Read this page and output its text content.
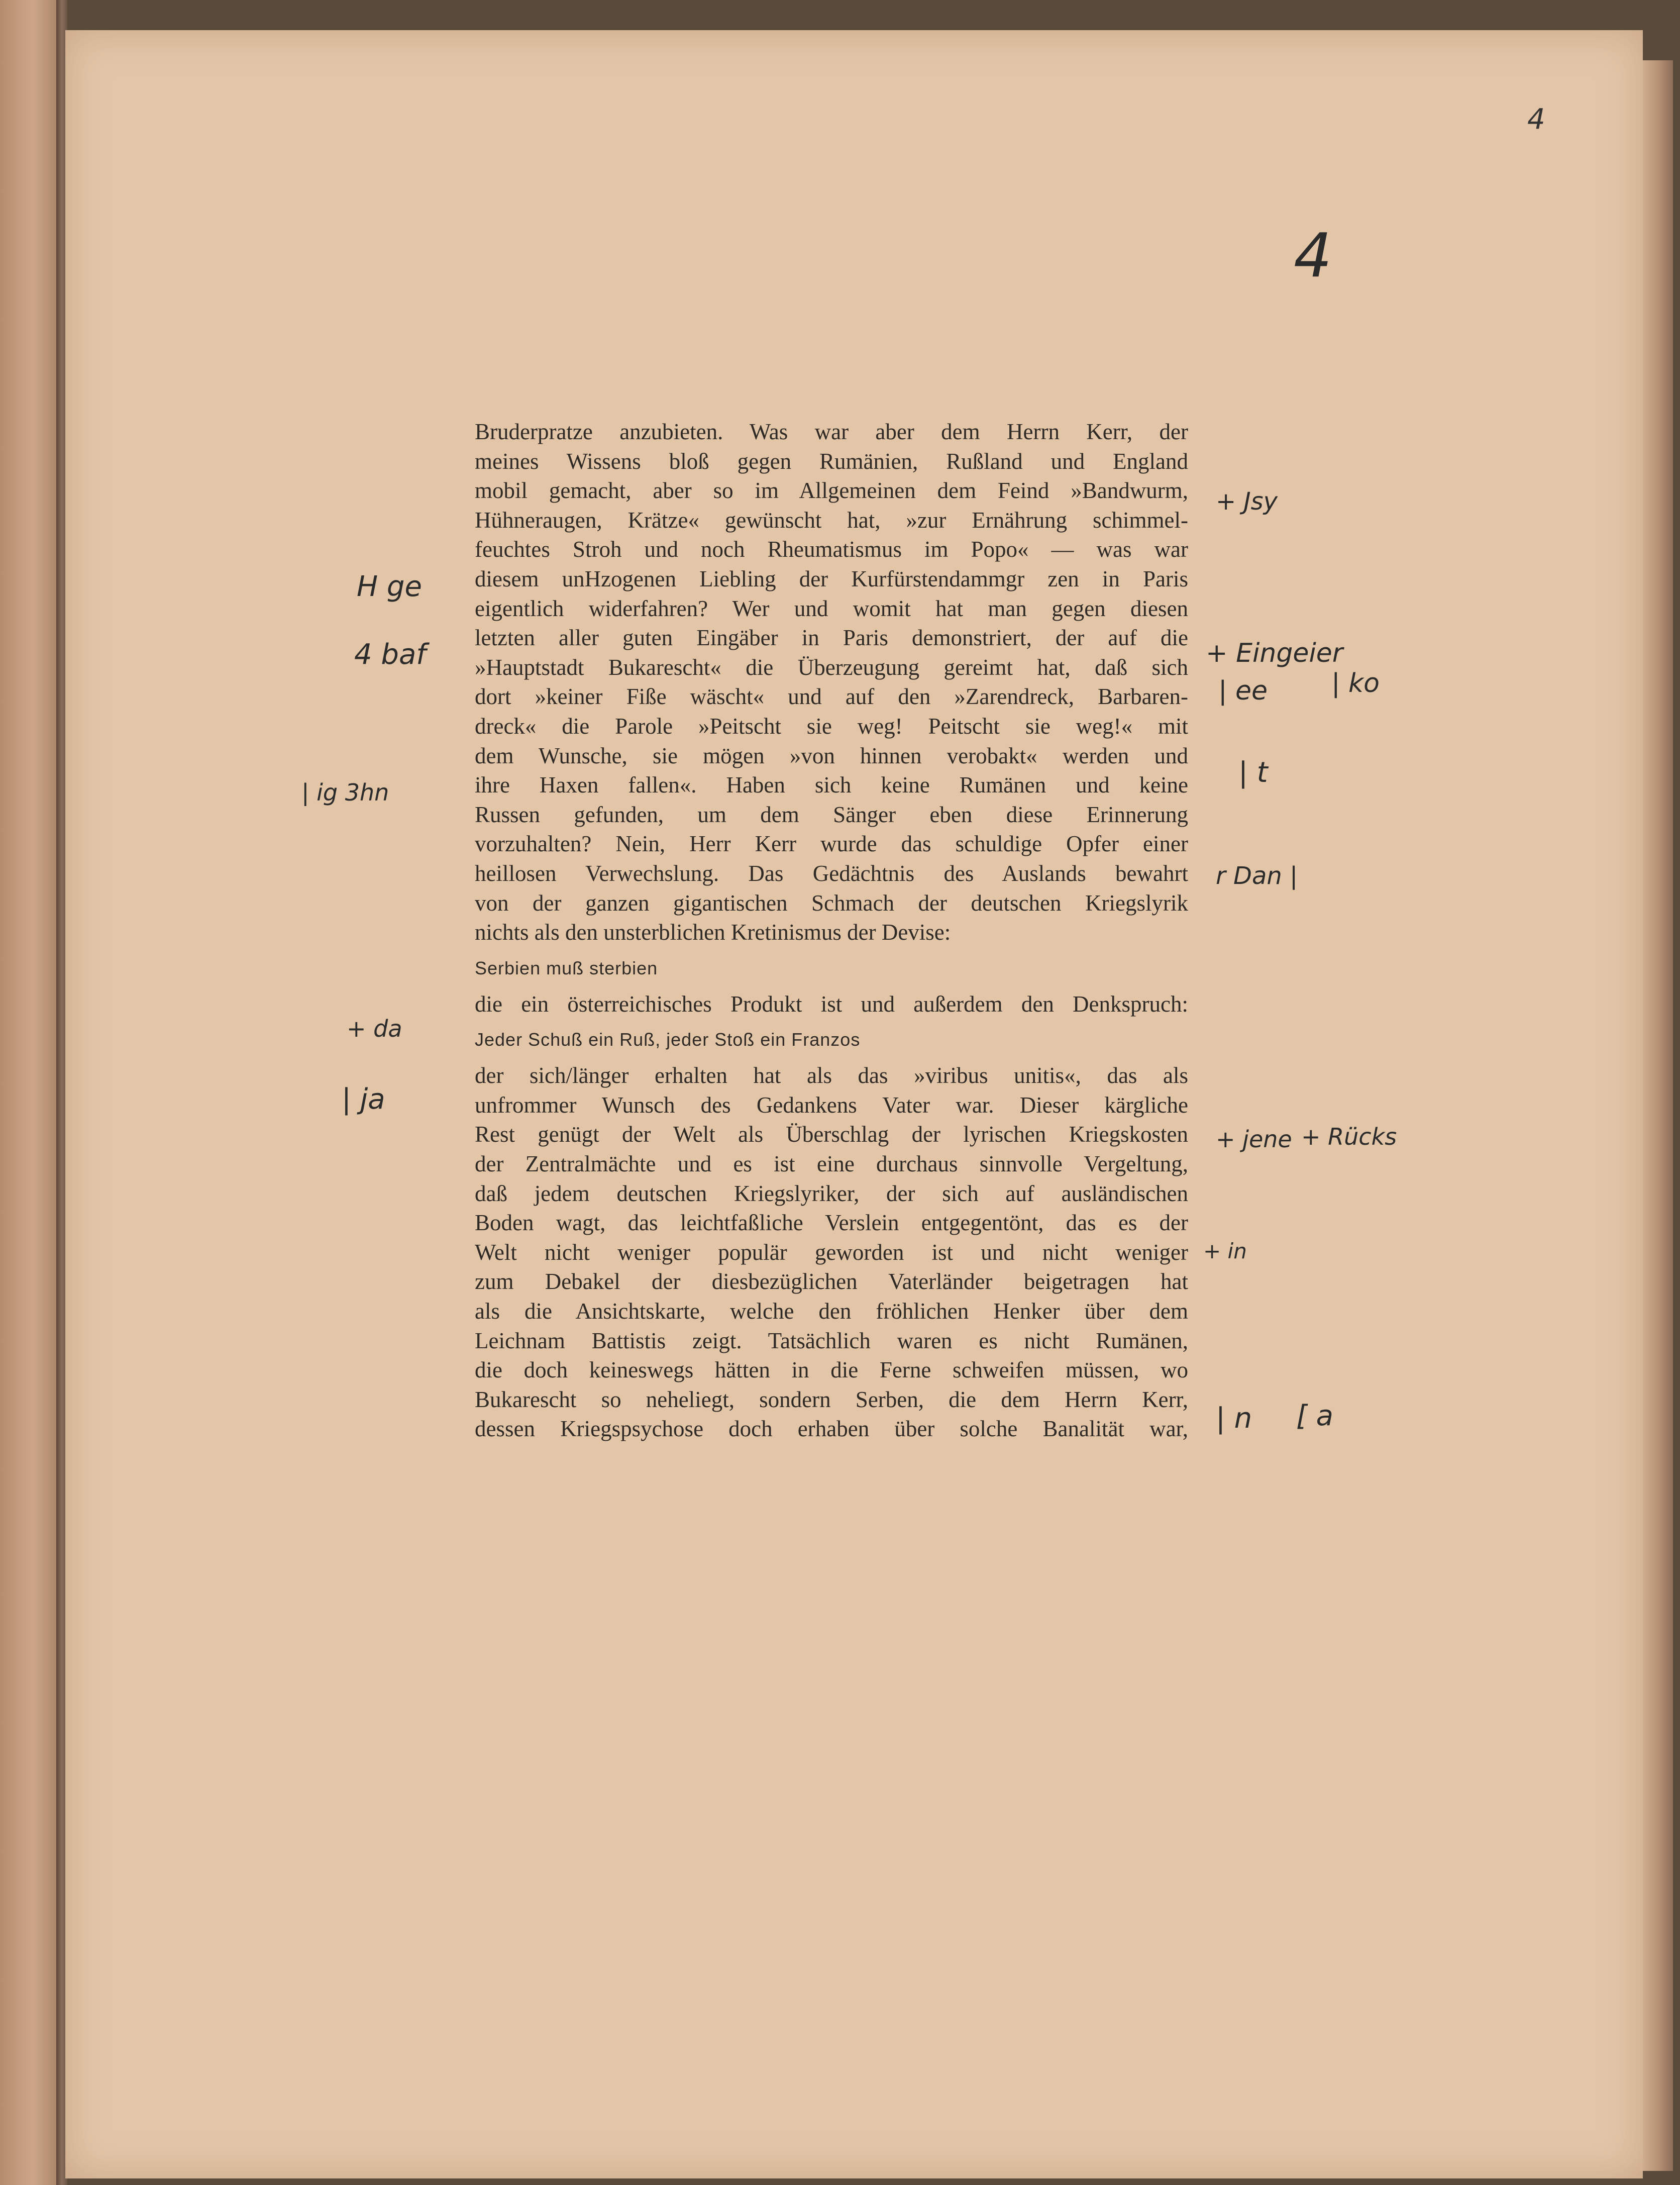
4
4
Bruderpratze anzubieten. Was war aber dem Herrn Kerr, der
meines Wissens bloß gegen Rumänien, Rußland und England
mobil gemacht, aber so im Allgemeinen dem Feind »Bandwurm,
Hühneraugen, Krätze« gewünscht hat, »zur Ernährung schimmel-
feuchtes Stroh und noch Rheumatismus im Popo« — was war
diesem unHzogenen Liebling der Kurfürstendammgr zen in Paris
eigentlich widerfahren? Wer und womit hat man gegen diesen
letzten aller guten Eingäber in Paris demonstriert, der auf die
»Hauptstadt Bukarescht« die Überzeugung gereimt hat, daß sich
dort »keiner Fiße wäscht« und auf den »Zarendreck, Barbaren-
dreck« die Parole »Peitscht sie weg! Peitscht sie weg!« mit
dem Wunsche, sie mögen »von hinnen verobakt« werden und
ihre Haxen fallen«. Haben sich keine Rumänen und keine
Russen gefunden, um dem Sänger eben diese Erinnerung
vorzuhalten? Nein, Herr Kerr wurde das schuldige Opfer einer
heillosen Verwechslung. Das Gedächtnis des Auslands bewahrt
von der ganzen gigantischen Schmach der deutschen Kriegslyrik
nichts als den unsterblichen Kretinismus der Devise:
Serbien muß sterbien
die ein österreichisches Produkt ist und außerdem den Denkspruch:
Jeder Schuß ein Ruß, jeder Stoß ein Franzos
der sich/länger erhalten hat als das »viribus unitis«, das als
unfrommer Wunsch des Gedankens Vater war. Dieser kärgliche
Rest genügt der Welt als Überschlag der lyrischen Kriegskosten
der Zentralmächte und es ist eine durchaus sinnvolle Vergeltung,
daß jedem deutschen Kriegslyriker, der sich auf ausländischen
Boden wagt, das leichtfaßliche Verslein entgegentönt, das es der
Welt nicht weniger populär geworden ist und nicht weniger
zum Debakel der diesbezüglichen Vaterländer beigetragen hat
als die Ansichtskarte, welche den fröhlichen Henker über dem
Leichnam Battistis zeigt. Tatsächlich waren es nicht Rumänen,
die doch keineswegs hätten in die Ferne schweifen müssen, wo
Bukarescht so neheliegt, sondern Serben, die dem Herrn Kerr,
dessen Kriegspsychose doch erhaben über solche Banalität war,
H ge
4 baf
| ig 3hn
+ da
| ja
+ Jsy
+ Eingeier
| ee | ko
| t
r Dan |
+ jene + Rücks
+ in
| n [ a
